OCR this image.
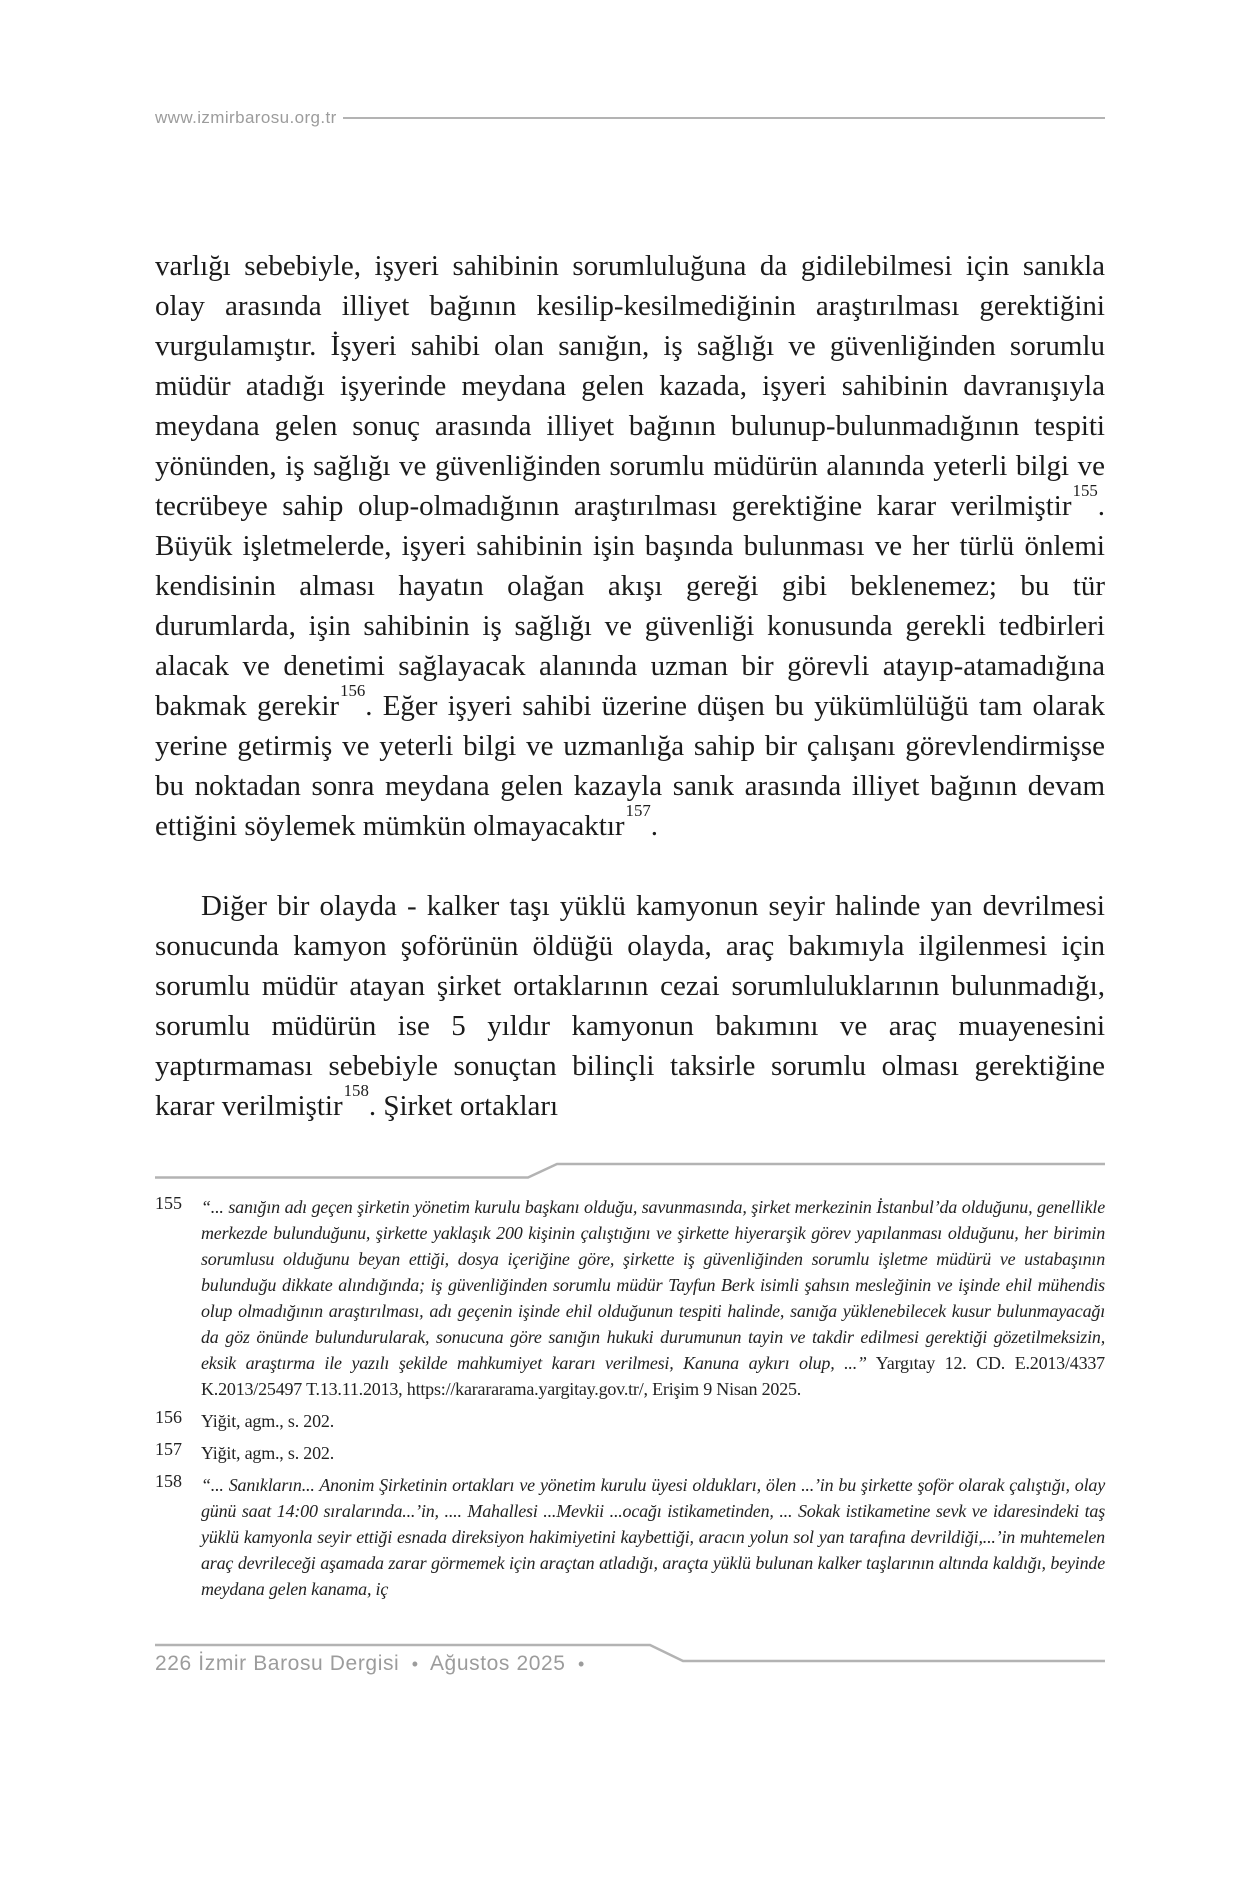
www.izmirbarosu.org.tr

varlığı sebebiyle, işyeri sahibinin sorumluluğuna da gidilebilmesi için sanıkla olay arasında illiyet bağının kesilip-kesilmediğinin araştırılması gerektiğini vurgulamıştır. İşyeri sahibi olan sanığın, iş sağlığı ve güvenliğinden sorumlu müdür atadığı işyerinde meydana gelen kazada, işyeri sahibinin davranışıyla meydana gelen sonuç arasında illiyet bağının bulunup-bulunmadığının tespiti yönünden, iş sağlığı ve güvenliğinden sorumlu müdürün alanında yeterli bilgi ve tecrübeye sahip olup-olmadığının araştırılması gerektiğine karar verilmiştir$^{155}$. Büyük işletmelerde, işyeri sahibinin işin başında bulunması ve her türlü önlemi kendisinin alması hayatın olağan akışı gereği gibi beklenemez; bu tür durumlarda, işin sahibinin iş sağlığı ve güvenliği konusunda gerekli tedbirleri alacak ve denetimi sağlayacak alanında uzman bir görevli atayıp-atamadığına bakmak gerekir$^{156}$. Eğer işyeri sahibi üzerine düşen bu yükümlülüğü tam olarak yerine getirmiş ve yeterli bilgi ve uzmanlığa sahip bir çalışanı görevlendirmişse bu noktadan sonra meydana gelen kazayla sanık arasında illiyet bağının devam ettiğini söylemek mümkün olmayacaktır$^{157}$.

Diğer bir olayda - kalker taşı yüklü kamyonun seyir halinde yan devrilmesi sonucunda kamyon şoförünün öldüğü olayda, araç bakımıyla ilgilenmesi için sorumlu müdür atayan şirket ortaklarının cezai sorumluluklarının bulunmadığı, sorumlu müdürün ise 5 yıldır kamyonun bakımını ve araç muayenesini yaptırmaması sebebiyle sonuçtan bilinçli taksirle sorumlu olması gerektiğine karar verilmiştir$^{158}$. Şirket ortakları

155 “... sanığın adı geçen şirketin yönetim kurulu başkanı olduğu, savunmasında, şirket merkezinin İstanbul’da olduğunu, genellikle merkezde bulunduğunu, şirkette yaklaşık 200 kişinin çalıştığını ve şirkette hiyerarşik görev yapılanması olduğunu, her birimin sorumlusu olduğunu beyan ettiği, dosya içeriğine göre, şirkette iş güvenliğinden sorumlu işletme müdürü ve ustabaşının bulunduğu dikkate alındığında; iş güvenliğinden sorumlu müdür Tayfun Berk isimli şahsın mesleğinin ve işinde ehil mühendis olup olmadığının araştırılması, adı geçenin işinde ehil olduğunun tespiti halinde, sanığa yüklenebilecek kusur bulunmayacağı da göz önünde bulundurularak, sonucuna göre sanığın hukuki durumunun tayin ve takdir edilmesi gerektiği gözetilmeksizin, eksik araştırma ile yazılı şekilde mahkumiyet kararı verilmesi, Kanuna aykırı olup, ...” Yargıtay 12. CD. E.2013/4337 K.2013/25497 T.13.11.2013, https://karararama.yargitay.gov.tr/, Erişim 9 Nisan 2025.
156 Yiğit, agm., s. 202.
157 Yiğit, agm., s. 202.
158 “... Sanıkların... Anonim Şirketinin ortakları ve yönetim kurulu üyesi oldukları, ölen ...’in bu şirkette şoför olarak çalıştığı, olay günü saat 14:00 sıralarında...’in, .... Mahallesi ...Mevkii ...ocağı istikametinden, ... Sokak istikametine sevk ve idaresindeki taş yüklü kamyonla seyir ettiği esnada direksiyon hakimiyetini kaybettiği, aracın yolun sol yan tarafına devrildiği,...’in muhtemelen araç devrileceği aşamada zarar görmemek için araçtan atladığı, araçta yüklü bulunan kalker taşlarının altında kaldığı, beyinde meydana gelen kanama, iç
226 İzmir Barosu Dergisi • Ağustos 2025 •
